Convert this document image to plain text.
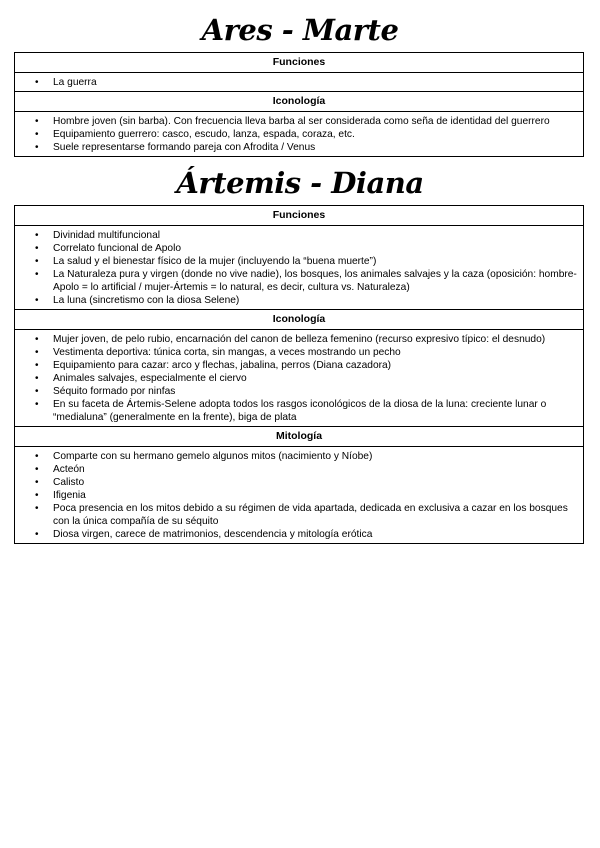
Ares - Marte
Funciones
• La guerra
Iconología
• Hombre joven (sin barba). Con frecuencia lleva barba al ser considerada como seña de identidad del guerrero
• Equipamiento guerrero: casco, escudo, lanza, espada, coraza, etc.
• Suele representarse formando pareja con Afrodita / Venus
Ártemis - Diana
Funciones
• Divinidad multifuncional
• Correlato funcional de Apolo
• La salud y el bienestar físico de la mujer (incluyendo la “buena muerte”)
• La Naturaleza pura y virgen (donde no vive nadie), los bosques, los animales salvajes y la caza (oposición: hombre-Apolo = lo artificial / mujer-Ártemis = lo natural, es decir, cultura vs. Naturaleza)
• La luna (sincretismo con la diosa Selene)
Iconología
• Mujer joven, de pelo rubio, encarnación del canon de belleza femenino (recurso expresivo típico: el desnudo)
• Vestimenta deportiva: túnica corta, sin mangas, a veces mostrando un pecho
• Equipamiento para cazar: arco y flechas, jabalina, perros (Diana cazadora)
• Animales salvajes, especialmente el ciervo
• Séquito formado por ninfas
• En su faceta de Ártemis-Selene adopta todos los rasgos iconológicos de la diosa de la luna: creciente lunar o “medialuna” (generalmente en la frente), biga de plata
Mitología
• Comparte con su hermano gemelo algunos mitos (nacimiento y Níobe)
• Acteón
• Calisto
• Ifigenia
• Poca presencia en los mitos debido a su régimen de vida apartada, dedicada en exclusiva a cazar en los bosques con la única compañía de su séquito
• Diosa virgen, carece de matrimonios, descendencia y mitología erótica
